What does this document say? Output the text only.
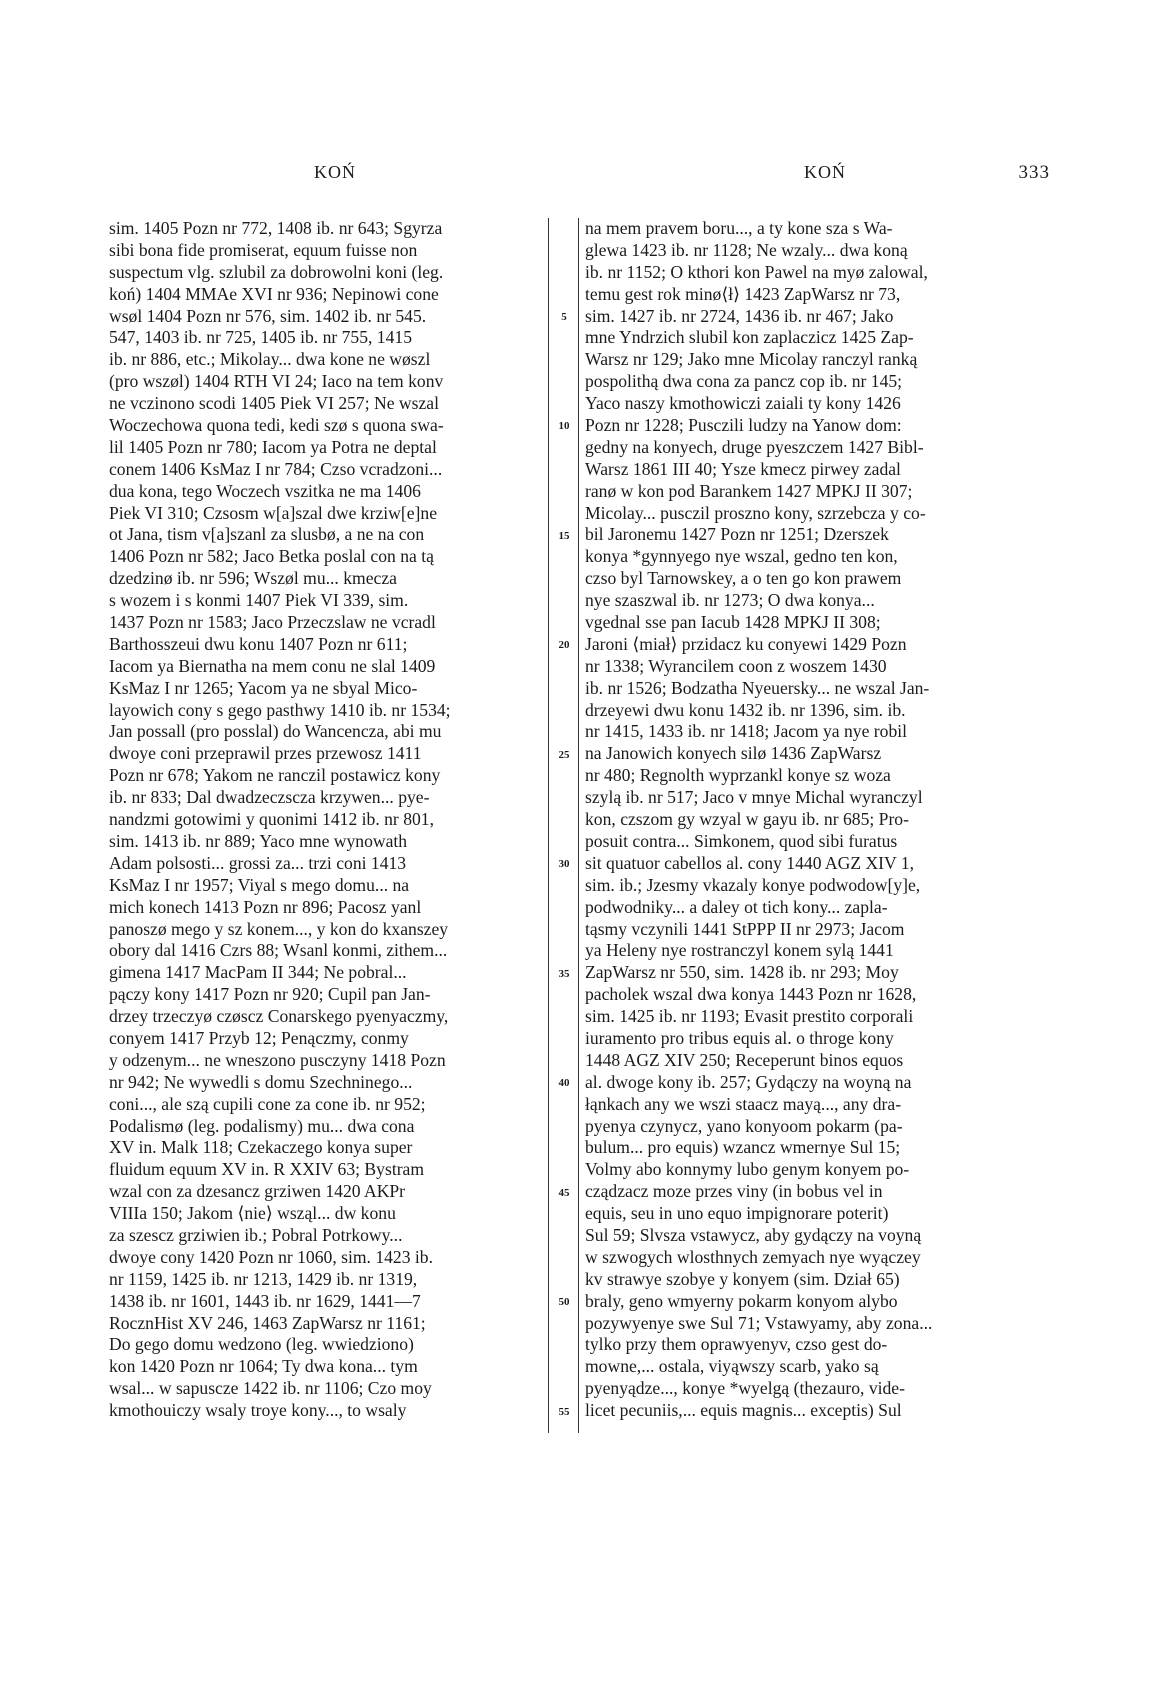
KOŃ	KOŃ	333
sim. 1405 Pozn nr 772, 1408 ib. nr 643; Sgyrza
sibi bona fide promiserat, equum fuisse non
suspectum vlg. szlubil za dobrowolni koni (leg.
koń) 1404 MMAe XVI nr 936; Nepinowi cone
wsøl 1404 Pozn nr 576, sim. 1402 ib. nr 545.
547, 1403 ib. nr 725, 1405 ib. nr 755, 1415
ib. nr 886, etc.; Mikolay... dwa kone ne wøszl
(pro wszøl) 1404 RTH VI 24; Iaco na tem konv
ne vczinono scodi 1405 Piek VI 257; Ne wszal
Woczechowa quona tedi, kedi szø s quona swa-
lil 1405 Pozn nr 780; Iacom ya Potra ne deptal
conem 1406 KsMaz I nr 784; Czso vcradzoni...
dua kona, tego Woczech vszitka ne ma 1406
Piek VI 310; Czsosm w[a]szal dwe krziw[e]ne
ot Jana, tism v[a]szanl za slusbø, a ne na con
1406 Pozn nr 582; Jaco Betka poslal con na tą
dzedzinø ib. nr 596; Wszøl mu... kmecza
s wozem i s konmi 1407 Piek VI 339, sim.
1437 Pozn nr 1583; Jaco Przeczslaw ne vcradl
Barthosszeui dwu konu 1407 Pozn nr 611;
Iacom ya Biernatha na mem conu ne slal 1409
KsMaz I nr 1265; Yacom ya ne sbyal Mico-
layowich cony s gego pasthwy 1410 ib. nr 1534;
Jan possall (pro posslal) do Wancencza, abi mu
dwoye coni przeprawil przes przewosz 1411
Pozn nr 678; Yakom ne ranczil postawicz kony
ib. nr 833; Dal dwadzeczscza krzywen... pye-
nandzmi gotowimi y quonimi 1412 ib. nr 801,
sim. 1413 ib. nr 889; Yaco mne wynowath
Adam polsosti... grossi za... trzi coni 1413
KsMaz I nr 1957; Viyal s mego domu... na
mich konech 1413 Pozn nr 896; Pacosz yanl
panoszø mego y sz konem..., y kon do kxanszey
obory dal 1416 Czrs 88; Wsanl konmi, zithem...
gimena 1417 MacPam II 344; Ne pobral...
pączy kony 1417 Pozn nr 920; Cupil pan Jan-
drzey trzeczyø czøscz Conarskego pyenyaczmy,
conyem 1417 Przyb 12; Penączmy, conmy
y odzenym... ne wneszono pusczyny 1418 Pozn
nr 942; Ne wywedli s domu Szechninego...
coni..., ale szą cupili cone za cone ib. nr 952;
Podalismø (leg. podalismy) mu... dwa cona
XV in. Malk 118; Czekaczego konya super
fluidum equum XV in. R XXIV 63; Bystram
wzal con za dzesancz grziwen 1420 AKPr
VIIIa 150; Jakom ⟨nie⟩ wsząl... dw konu
za szescz grziwien ib.; Pobral Potrkowy...
dwoye cony 1420 Pozn nr 1060, sim. 1423 ib.
nr 1159, 1425 ib. nr 1213, 1429 ib. nr 1319,
1438 ib. nr 1601, 1443 ib. nr 1629, 1441—7
RocznHist XV 246, 1463 ZapWarsz nr 1161;
Do gego domu wedzono (leg. wwiedziono)
kon 1420 Pozn nr 1064; Ty dwa kona... tym
wsal... w sapuscze 1422 ib. nr 1106; Czo moy
kmothouiczy wsaly troye kony..., to wsaly
5
10
15
20
25
30
35
40
45
50
55
na mem pravem boru..., a ty kone sza s Wa-
glewa 1423 ib. nr 1128; Ne wzaly... dwa koną
ib. nr 1152; O kthori kon Pawel na myø zalowal,
temu gest rok minø⟨ł⟩ 1423 ZapWarsz nr 73,
sim. 1427 ib. nr 2724, 1436 ib. nr 467; Jako
mne Yndrzich slubil kon zaplaczicz 1425 Zap-
Warsz nr 129; Jako mne Micolay ranczyl ranką
pospolithą dwa cona za pancz cop ib. nr 145;
Yaco naszy kmothowiczi zaiali ty kony 1426
Pozn nr 1228; Pusczili ludzy na Yanow dom:
gedny na konyech, druge pyeszczem 1427 Bibl-
Warsz 1861 III 40; Ysze kmecz pirwey zadal
ranø w kon pod Barankem 1427 MPKJ II 307;
Micolay... pusczil proszno kony, szrzebcza y co-
bil Jaronemu 1427 Pozn nr 1251; Dzerszek
konya *gynnyego nye wszal, gedno ten kon,
czso byl Tarnowskey, a o ten go kon prawem
nye szaszwal ib. nr 1273; O dwa konya...
vgednal sse pan Iacub 1428 MPKJ II 308;
Jaroni ⟨miał⟩ przidacz ku conyewi 1429 Pozn
nr 1338; Wyrancilem coon z woszem 1430
ib. nr 1526; Bodzatha Nyeuersky... ne wszal Jan-
drzeyewi dwu konu 1432 ib. nr 1396, sim. ib.
nr 1415, 1433 ib. nr 1418; Jacom ya nye robil
na Janowich konyech silø 1436 ZapWarsz
nr 480; Regnolth wyprzankl konye sz woza
szylą ib. nr 517; Jaco v mnye Michal wyranczyl
kon, czszom gy wzyal w gayu ib. nr 685; Pro-
posuit contra... Simkonem, quod sibi furatus
sit quatuor cabellos al. cony 1440 AGZ XIV 1,
sim. ib.; Jzesmy vkazaly konye podwodow[y]e,
podwodniky... a daley ot tich kony... zapla-
tąsmy vczynili 1441 StPPP II nr 2973; Jacom
ya Heleny nye rostranczyl konem sylą 1441
ZapWarsz nr 550, sim. 1428 ib. nr 293; Moy
pacholek wszal dwa konya 1443 Pozn nr 1628,
sim. 1425 ib. nr 1193; Evasit prestito corporali
iuramento pro tribus equis al. o throge kony
1448 AGZ XIV 250; Receperunt binos equos
al. dwoge kony ib. 257; Gydączy na woyną na
łąnkach any we wszi staacz mayą..., any dra-
pyenya czynycz, yano konyoom pokarm (pa-
bulum... pro equis) wzancz wmernye Sul 15;
Volmy abo konnymy lubo genym konyem po-
cządzacz moze przes viny (in bobus vel in
equis, seu in uno equo impignorare poterit)
Sul 59; Slvsza vstawycz, aby gydączy na voyną
w szwogych wlosthnych zemyach nye wyączey
kv strawye szobye y konyem (sim. Dział 65)
braly, geno wmyerny pokarm konyom alybo
pozywyenye swe Sul 71; Vstawyamy, aby zona...
tylko przy them oprawyenyv, czso gest do-
mowne,... ostala, viyąwszy scarb, yako są
pyenyądze..., konye *wyelgą (thezauro, vide-
licet pecuniis,... equis magnis... exceptis) Sul
